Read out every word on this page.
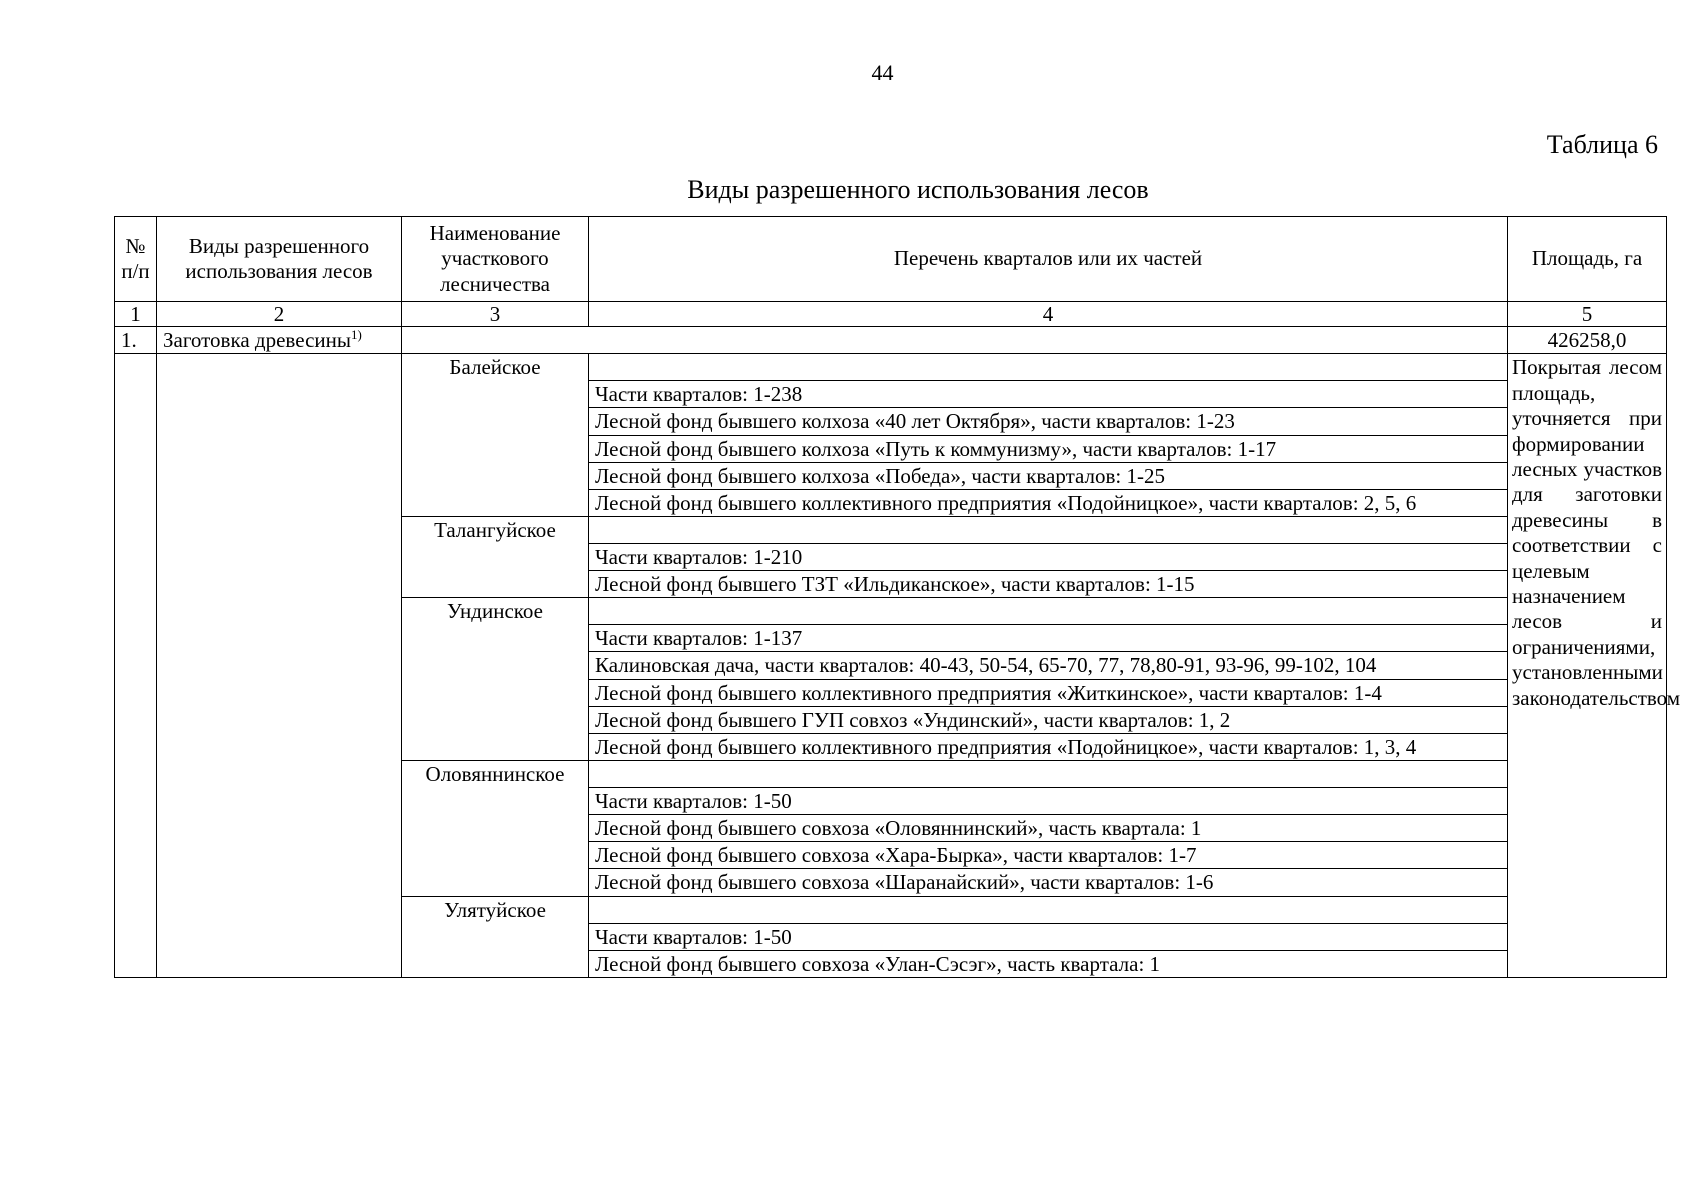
44
Таблица 6
Виды разрешенного использования лесов
№ п/п	Виды разрешенного использования лесов	Наименование участкового лесничества	Перечень кварталов или их частей	Площадь, га
1	2	3	4	5
1.	Заготовка древесины$^{1)}$			426258,0
		Балейское		Покрытая лесом площадь, уточняется при формировании лесных участков для заготовки древесины в соответствии с целевым назначением лесов и ограничениями, установленными законодательством
			Части кварталов: 1-238	
			Лесной фонд бывшего колхоза «40 лет Октября», части кварталов: 1-23	
			Лесной фонд бывшего колхоза «Путь к коммунизму», части кварталов: 1-17	
			Лесной фонд бывшего колхоза «Победа», части кварталов: 1-25	
			Лесной фонд бывшего коллективного предприятия «Подойницкое», части кварталов: 2, 5, 6	
		Талангуйское		
			Части кварталов: 1-210	
			Лесной фонд бывшего ТЗТ «Ильдиканское», части кварталов: 1-15	
		Ундинское		
			Части кварталов: 1-137	
			Калиновская дача, части кварталов: 40-43, 50-54, 65-70, 77, 78,80-91, 93-96, 99-102, 104	
			Лесной фонд бывшего коллективного предприятия «Житкинское», части кварталов: 1-4	
			Лесной фонд бывшего ГУП совхоз «Ундинский», части кварталов: 1, 2	
			Лесной фонд бывшего коллективного предприятия «Подойницкое», части кварталов: 1, 3, 4	
		Оловяннинское		
			Части кварталов: 1-50	
			Лесной фонд бывшего совхоза «Оловяннинский», часть квартала: 1	
			Лесной фонд бывшего совхоза «Хара-Бырка», части кварталов: 1-7	
			Лесной фонд бывшего совхоза «Шаранайский», части кварталов: 1-6	
		Улятуйское		
			Части кварталов: 1-50	
			Лесной фонд бывшего совхоза «Улан-Сэсэг», часть квартала: 1	
